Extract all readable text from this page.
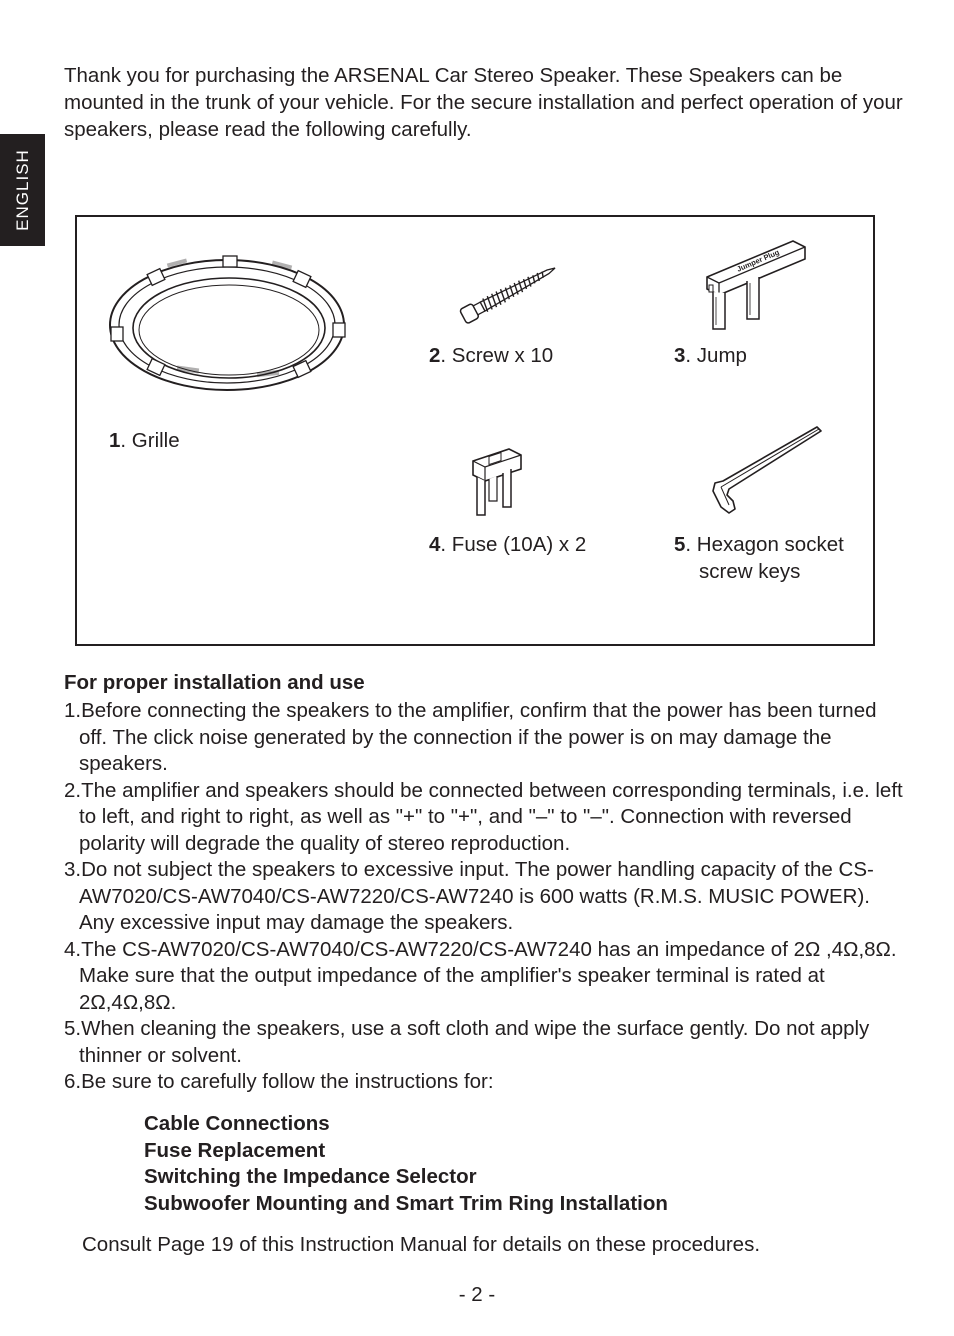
ENGLISH

Thank you for purchasing the ARSENAL Car Stereo Speaker. These Speakers can be mounted in the trunk of your vehicle. For the secure installation and perfect operation of your speakers, please read the following carefully.

1. Grille
2. Screw x 10
Jumper Plug
3. Jump
4. Fuse (10A) x 2	5. Hexagon socket
screw keys
For proper installation and use
1.Before connecting the speakers to the amplifier, confirm that the power has been turned off. The click noise generated by the connection if the power is on may damage the speakers.
2.The amplifier and speakers should be connected between corresponding terminals, i.e. left to left, and right to right, as well as "+" to "+", and "–" to "–". Connection with reversed polarity will degrade the quality of stereo reproduction.
3.Do not subject the speakers to excessive input. The power handling capacity of the CS-AW7020/CS-AW7040/CS-AW7220/CS-AW7240 is 600 watts (R.M.S. MUSIC POWER). Any excessive input may damage the speakers.
4.The CS-AW7020/CS-AW7040/CS-AW7220/CS-AW7240 has an impedance of 2Ω ,4Ω,8Ω. Make sure that the output impedance of the amplifier's speaker terminal is rated at 2Ω,4Ω,8Ω.
5.When cleaning the speakers, use a soft cloth and wipe the surface gently. Do not apply thinner or solvent.
6.Be sure to carefully follow the instructions for:
Cable Connections
Fuse Replacement
Switching the Impedance Selector
Subwoofer Mounting and Smart Trim Ring Installation

Consult Page 19 of this Instruction Manual for details on these procedures.

- 2 -
